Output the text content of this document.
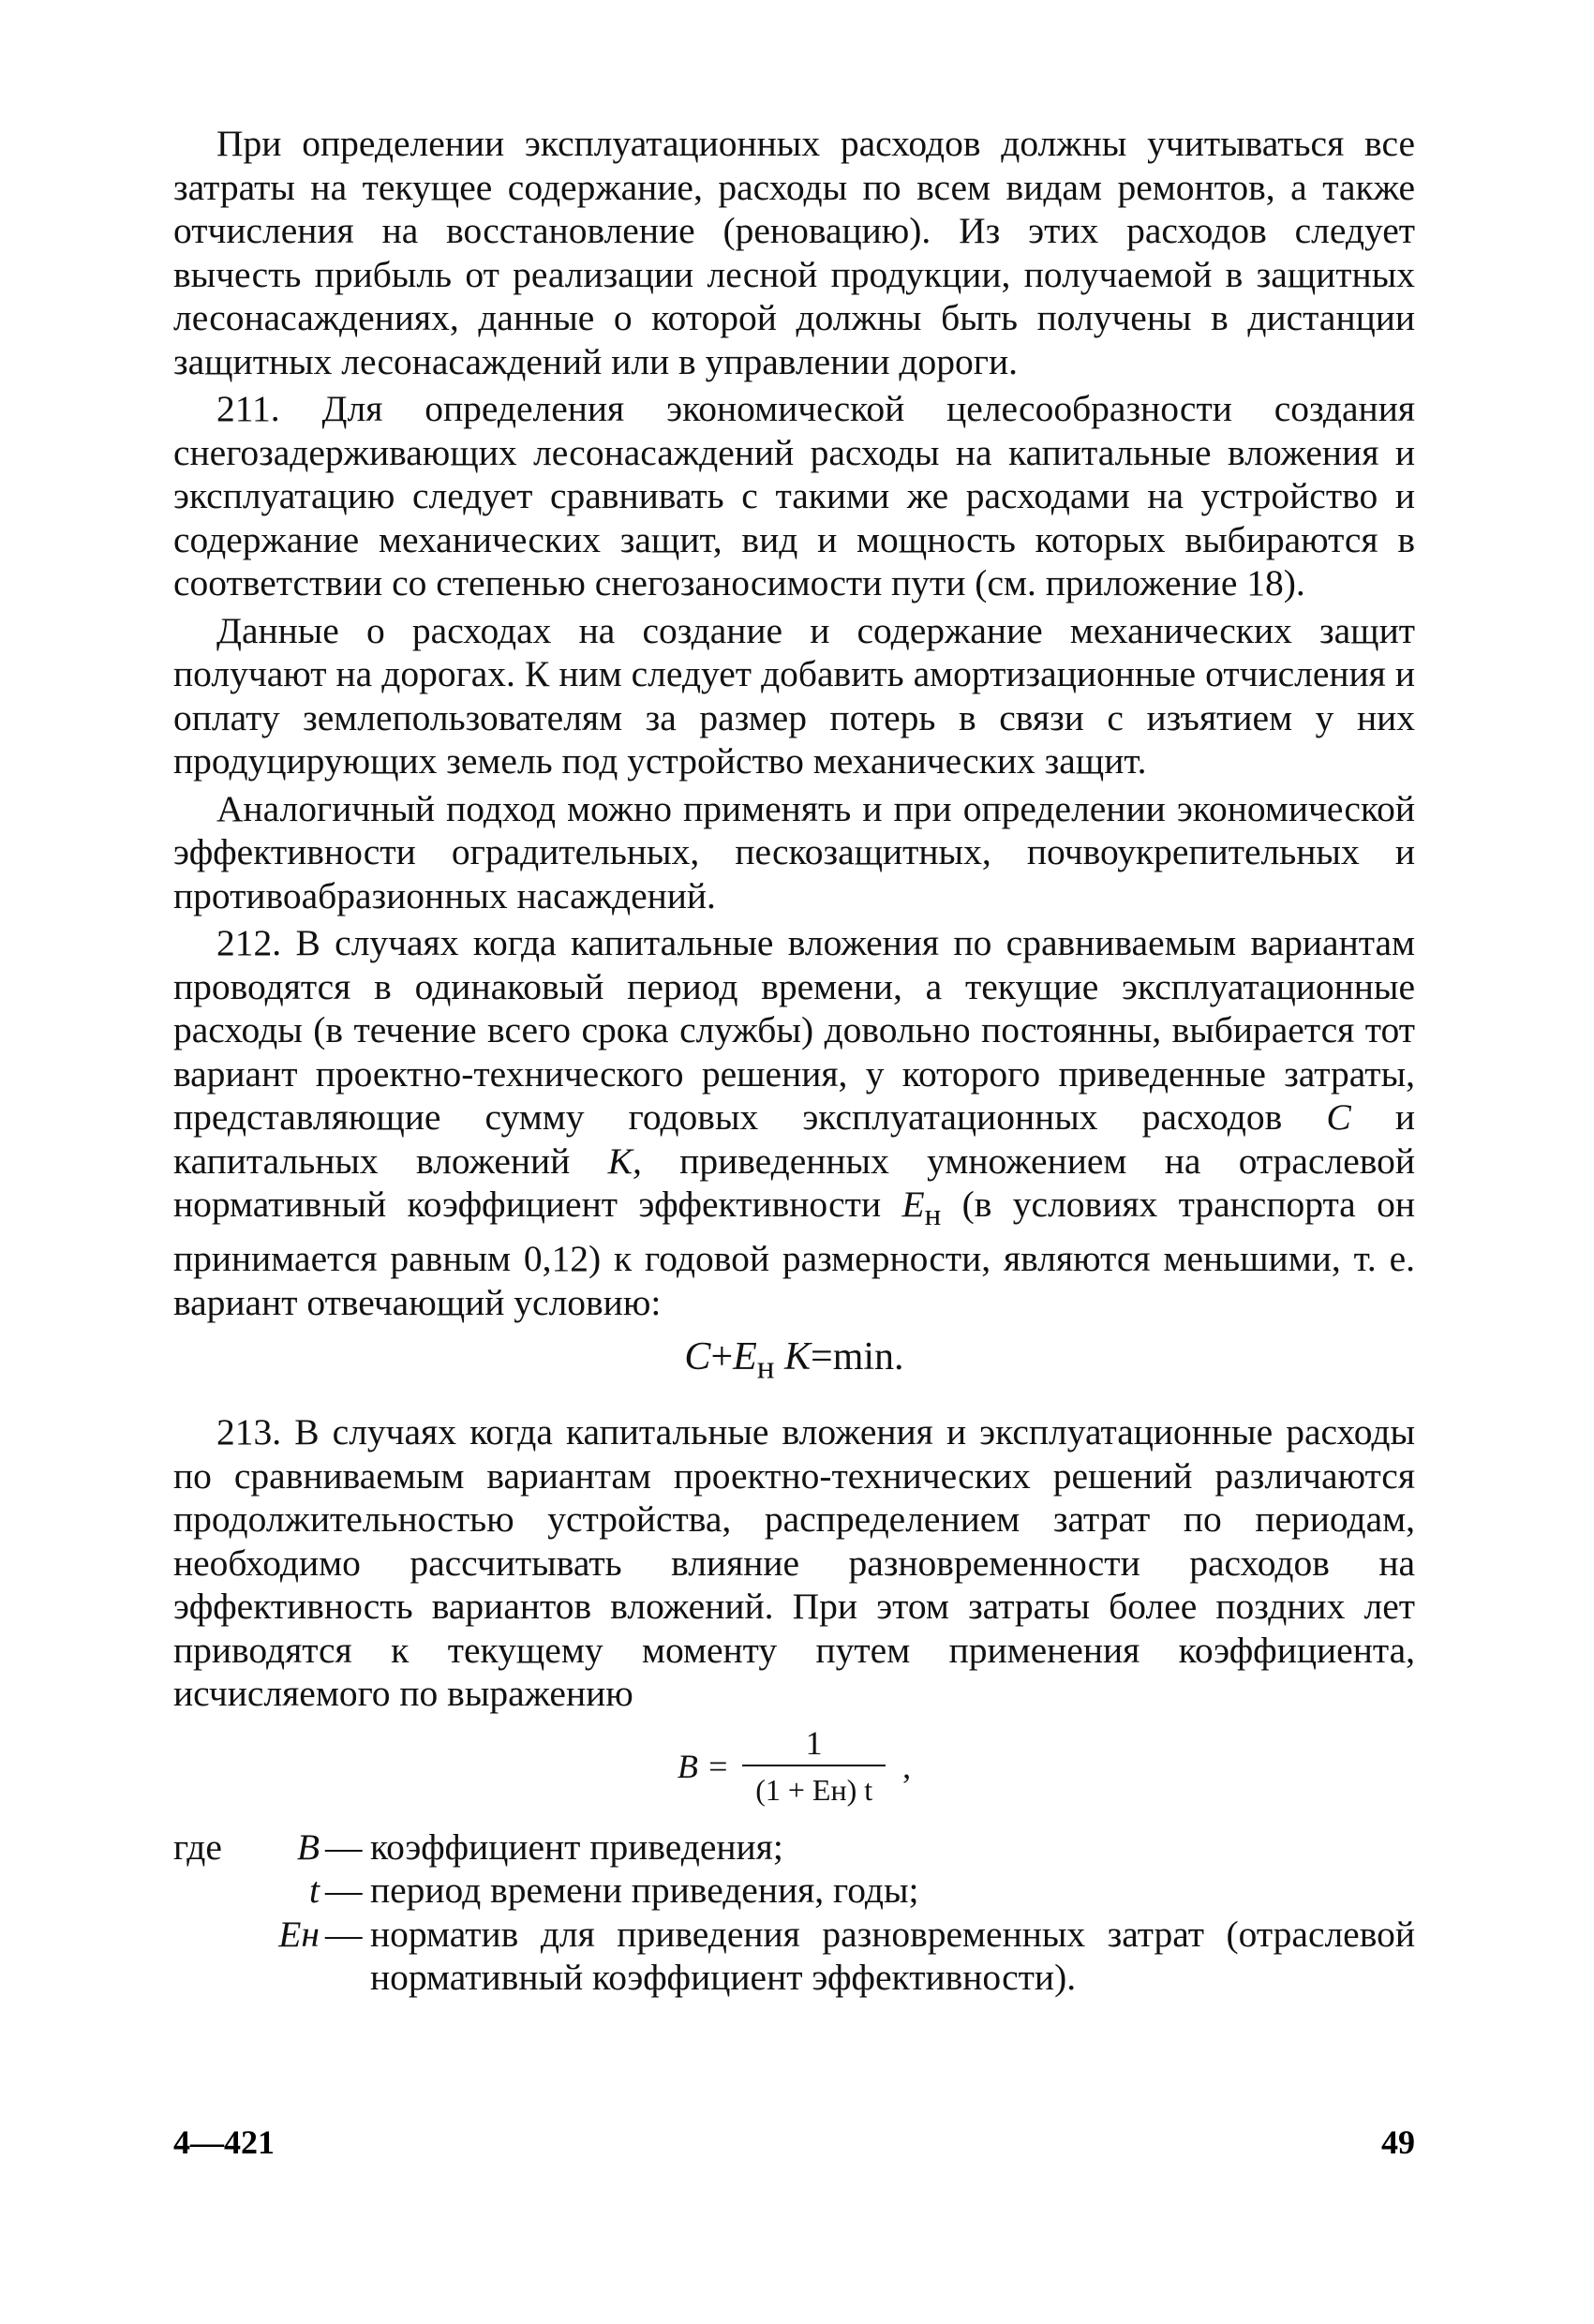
При определении эксплуатационных расходов должны учитываться все затраты на текущее содержание, расходы по всем видам ремонтов, а также отчисления на восстановление (реновацию). Из этих расходов следует вычесть прибыль от реализации лесной продукции, получаемой в защитных лесонасаждениях, данные о которой должны быть получены в дистанции защитных лесонасаждений или в управлении дороги.

211. Для определения экономической целесообразности создания снегозадерживающих лесонасаждений расходы на капитальные вложения и эксплуатацию следует сравнивать с такими же расходами на устройство и содержание механических защит, вид и мощность которых выбираются в соответствии со степенью снегозаносимости пути (см. приложение 18).

Данные о расходах на создание и содержание механических защит получают на дорогах. К ним следует добавить амортизационные отчисления и оплату землепользователям за размер потерь в связи с изъятием у них продуцирующих земель под устройство механических защит.

Аналогичный подход можно применять и при определении экономической эффективности оградительных, пескозащитных, почвоукрепительных и противоабразионных насаждений.

212. В случаях когда капитальные вложения по сравниваемым вариантам проводятся в одинаковый период времени, а текущие эксплуатационные расходы (в течение всего срока службы) довольно постоянны, выбирается тот вариант проектно-технического решения, у которого приведенные затраты, представляющие сумму годовых эксплуатационных расходов C и капитальных вложений K, приведенных умножением на отраслевой нормативный коэффициент эффективности $E_н$ (в условиях транспорта он принимается равным 0,12) к годовой размерности, являются меньшими, т. е. вариант отвечающий условию:

$C+E_н$ K=min.

213. В случаях когда капитальные вложения и эксплуатационные расходы по сравниваемым вариантам проектно-технических решений различаются продолжительностью устройства, распределением затрат по периодам, необходимо рассчитывать влияние разновременности расходов на эффективность вариантов вложений. При этом затраты более поздних лет приводятся к текущему моменту путем применения коэффициента, исчисляемого по выражению

$B = \frac{1}{(1 + Eн) t}$ ,
где	B — коэффициент приведения;
t — период времени приведения, годы;
Eн — норматив для приведения разновременных затрат (отраслевой нормативный коэффициент эффективности).
4—421	49
